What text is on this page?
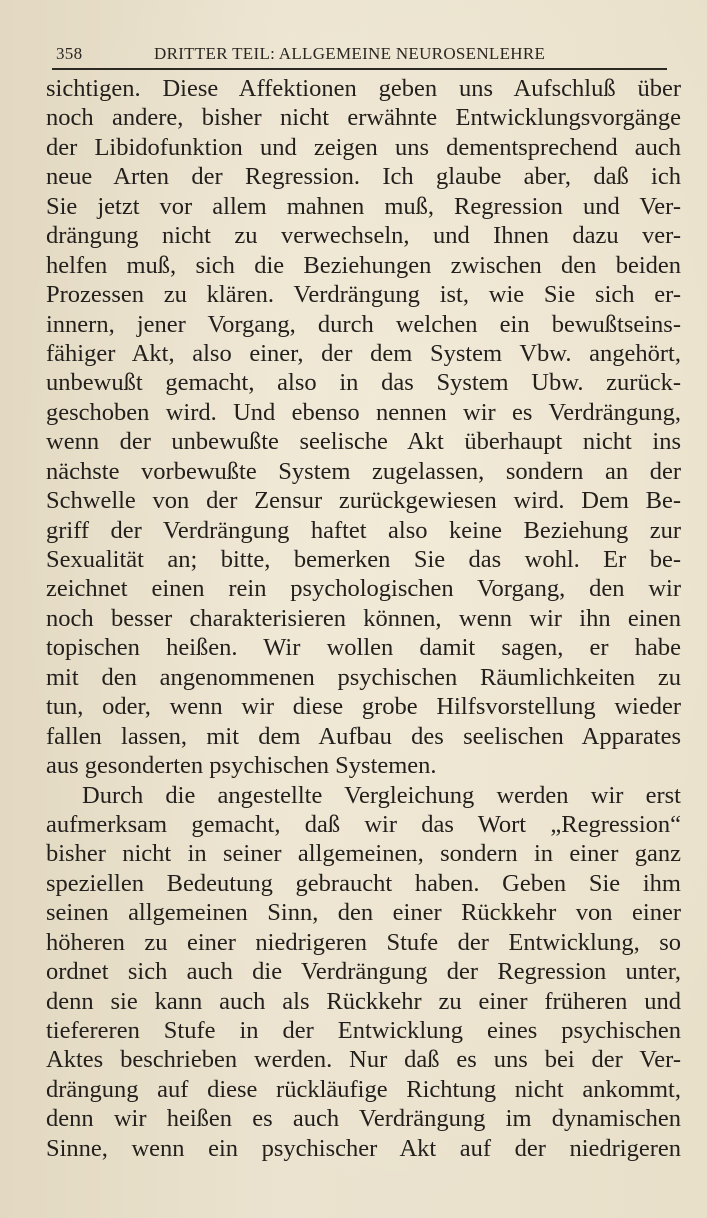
358	DRITTER TEIL: ALLGEMEINE NEUROSENLEHRE
sichtigen. Diese Affektionen geben uns Aufschluß über
noch andere, bisher nicht erwähnte Entwicklungsvorgänge
der Libidofunktion und zeigen uns dementsprechend auch
neue Arten der Regression. Ich glaube aber, daß ich
Sie jetzt vor allem mahnen muß, Regression und Ver-
drängung nicht zu verwechseln, und Ihnen dazu ver-
helfen muß, sich die Beziehungen zwischen den beiden
Prozessen zu klären. Verdrängung ist, wie Sie sich er-
innern, jener Vorgang, durch welchen ein bewußtseins-
fähiger Akt, also einer, der dem System Vbw. angehört,
unbewußt gemacht, also in das System Ubw. zurück-
geschoben wird. Und ebenso nennen wir es Verdrängung,
wenn der unbewußte seelische Akt überhaupt nicht ins
nächste vorbewußte System zugelassen, sondern an der
Schwelle von der Zensur zurückgewiesen wird. Dem Be-
griff der Verdrängung haftet also keine Beziehung zur
Sexualität an; bitte, bemerken Sie das wohl. Er be-
zeichnet einen rein psychologischen Vorgang, den wir
noch besser charakterisieren können, wenn wir ihn einen
topischen heißen. Wir wollen damit sagen, er habe
mit den angenommenen psychischen Räumlichkeiten zu
tun, oder, wenn wir diese grobe Hilfsvorstellung wieder
fallen lassen, mit dem Aufbau des seelischen Apparates
aus gesonderten psychischen Systemen.
Durch die angestellte Vergleichung werden wir erst
aufmerksam gemacht, daß wir das Wort „Regression“
bisher nicht in seiner allgemeinen, sondern in einer ganz
speziellen Bedeutung gebraucht haben. Geben Sie ihm
seinen allgemeinen Sinn, den einer Rückkehr von einer
höheren zu einer niedrigeren Stufe der Entwicklung, so
ordnet sich auch die Verdrängung der Regression unter,
denn sie kann auch als Rückkehr zu einer früheren und
tiefereren Stufe in der Entwicklung eines psychischen
Aktes beschrieben werden. Nur daß es uns bei der Ver-
drängung auf diese rückläufige Richtung nicht ankommt,
denn wir heißen es auch Verdrängung im dynamischen
Sinne, wenn ein psychischer Akt auf der niedrigeren
